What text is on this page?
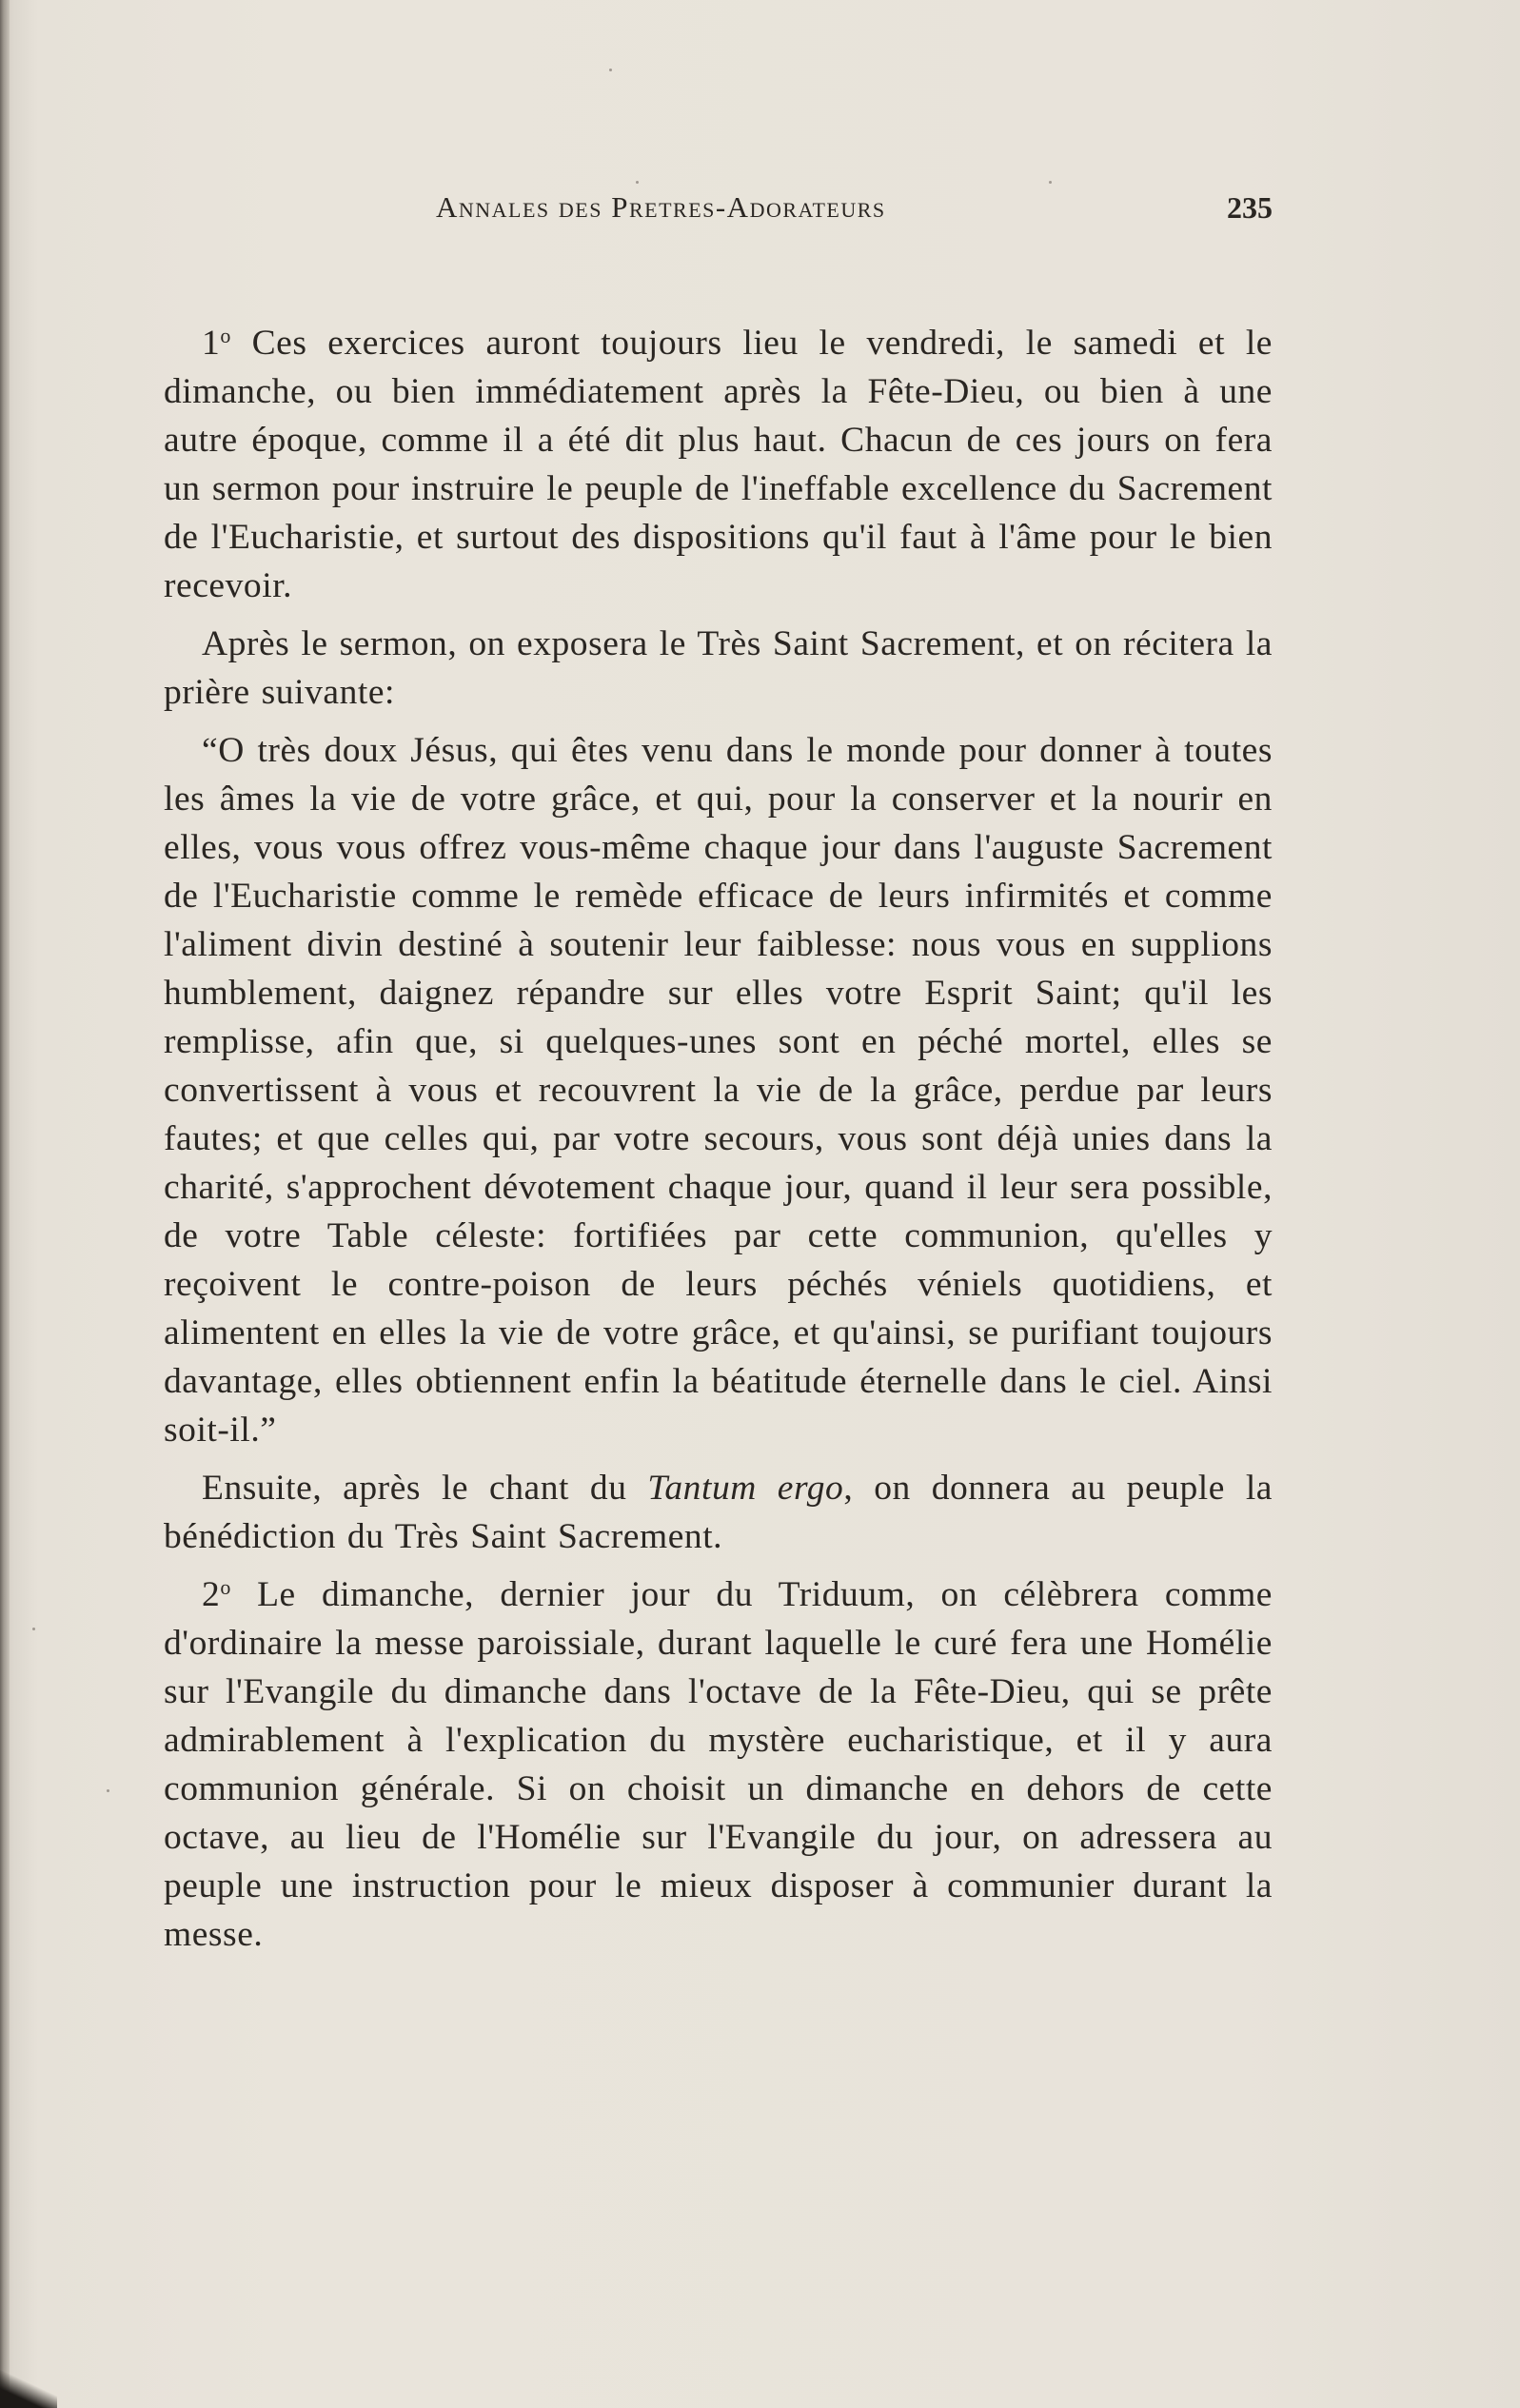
Annales des Pretres-Adorateurs	235

1$^o$ Ces exercices auront toujours lieu le vendredi, le samedi et le dimanche, ou bien immédiatement après la Fête-Dieu, ou bien à une autre époque, comme il a été dit plus haut. Chacun de ces jours on fera un sermon pour instruire le peuple de l'ineffable excellence du Sacrement de l'Eucharistie, et surtout des dispositions qu'il faut à l'âme pour le bien recevoir.

Après le sermon, on exposera le Très Saint Sacrement, et on récitera la prière suivante:

“O très doux Jésus, qui êtes venu dans le monde pour donner à toutes les âmes la vie de votre grâce, et qui, pour la conserver et la nourir en elles, vous vous offrez vous-même chaque jour dans l'auguste Sacrement de l'Eucharistie comme le remède efficace de leurs infirmités et comme l'aliment divin destiné à soutenir leur faiblesse: nous vous en supplions humblement, daignez répandre sur elles votre Esprit Saint; qu'il les remplisse, afin que, si quelques-unes sont en péché mortel, elles se convertissent à vous et recouvrent la vie de la grâce, perdue par leurs fautes; et que celles qui, par votre secours, vous sont déjà unies dans la charité, s'approchent dévotement chaque jour, quand il leur sera possible, de votre Table céleste: fortifiées par cette communion, qu'elles y reçoivent le contre-poison de leurs péchés véniels quotidiens, et alimentent en elles la vie de votre grâce, et qu'ainsi, se purifiant toujours davantage, elles obtiennent enfin la béatitude éternelle dans le ciel. Ainsi soit-il.”

Ensuite, après le chant du Tantum ergo, on donnera au peuple la bénédiction du Très Saint Sacrement.

2$^o$ Le dimanche, dernier jour du Triduum, on célèbrera comme d'ordinaire la messe paroissiale, durant laquelle le curé fera une Homélie sur l'Evangile du dimanche dans l'octave de la Fête-Dieu, qui se prête admirablement à l'explication du mystère eucharistique, et il y aura communion générale. Si on choisit un dimanche en dehors de cette octave, au lieu de l'Homélie sur l'Evangile du jour, on adressera au peuple une instruction pour le mieux disposer à communier durant la messe.
